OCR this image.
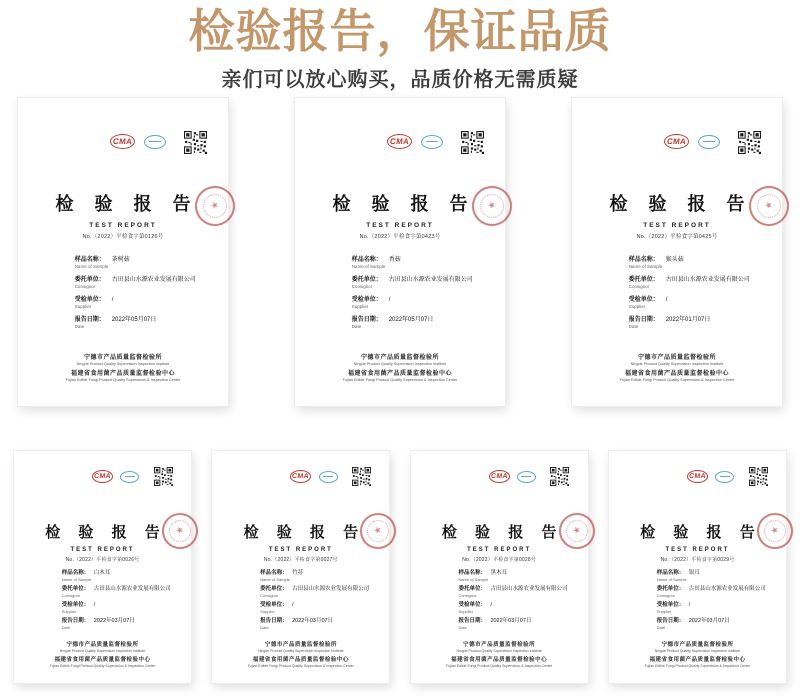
检验报告，保证品质

亲们可以放心购买，品质价格无需质疑

CMA
检 验 报 告
TEST REPORT
No.（2022）平检食字第0126号
样品名称： 茶树菇
Name of Sample
委托单位： 古田县山水源农业发展有限公司
Consignor
受检单位： /
Supplier
报告日期： 2022年05月07日
Date
宁德市产品质量监督检验所
Ningde Product Quality Supervision Inspection Institute
福建省食用菌产品质量监督检验中心
Fujian Edible Fungi Product Quality Supervision & Inspection Center
★
CMA
检 验 报 告
TEST REPORT
No.（2022）平检食字第0423号
样品名称： 香菇
Name of Sample
委托单位： 古田县山水源农业发展有限公司
Consignor
受检单位： /
Supplier
报告日期： 2022年05月07日
Date
宁德市产品质量监督检验所
Ningde Product Quality Supervision Inspection Institute
福建省食用菌产品质量监督检验中心
Fujian Edible Fungi Product Quality Supervision & Inspection Center
★
CMA
检 验 报 告
TEST REPORT
No.（2022）平检食字第0425号
样品名称： 猴头菇
Name of Sample
委托单位： 古田县山水源农业发展有限公司
Consignor
受检单位： /
Supplier
报告日期： 2022年01月07日
Date
宁德市产品质量监督检验所
Ningde Product Quality Supervision Inspection Institute
福建省食用菌产品质量监督检验中心
Fujian Edible Fungi Product Quality Supervision & Inspection Center
★
CMA
检 验 报 告
TEST REPORT
No.（2022）平检食字第0026号
样品名称： 白木耳
Name of Sample
委托单位： 古田县山水源农业发展有限公司
Consignor
受检单位： /
Supplier
报告日期： 2022年03月07日
Date
宁德市产品质量监督检验所
Ningde Product Quality Supervision Inspection Institute
福建省食用菌产品质量监督检验中心
Fujian Edible Fungi Product Quality Supervision & Inspection Center
★
CMA
检 验 报 告
TEST REPORT
No.（2022）平检食字第0027号
样品名称： 竹荪
Name of Sample
委托单位： 古田县山水源农业发展有限公司
Consignor
受检单位： /
Supplier
报告日期： 2022年03月07日
Date
宁德市产品质量监督检验所
Ningde Product Quality Supervision Inspection Institute
福建省食用菌产品质量监督检验中心
Fujian Edible Fungi Product Quality Supervision & Inspection Center
★
CMA
检 验 报 告
TEST REPORT
No.（2022）平检食字第0028号
样品名称： 黑木耳
Name of Sample
委托单位： 古田县山水源农业发展有限公司
Consignor
受检单位： /
Supplier
报告日期： 2022年03月07日
Date
宁德市产品质量监督检验所
Ningde Product Quality Supervision Inspection Institute
福建省食用菌产品质量监督检验中心
Fujian Edible Fungi Product Quality Supervision & Inspection Center
★
CMA
检 验 报 告
TEST REPORT
No.（2022）平检食字第0029号
样品名称： 银耳
Name of Sample
委托单位： 古田县山水源农业发展有限公司
Consignor
受检单位： /
Supplier
报告日期： 2022年03月07日
Date
宁德市产品质量监督检验所
Ningde Product Quality Supervision Inspection Institute
福建省食用菌产品质量监督检验中心
Fujian Edible Fungi Product Quality Supervision & Inspection Center
★
